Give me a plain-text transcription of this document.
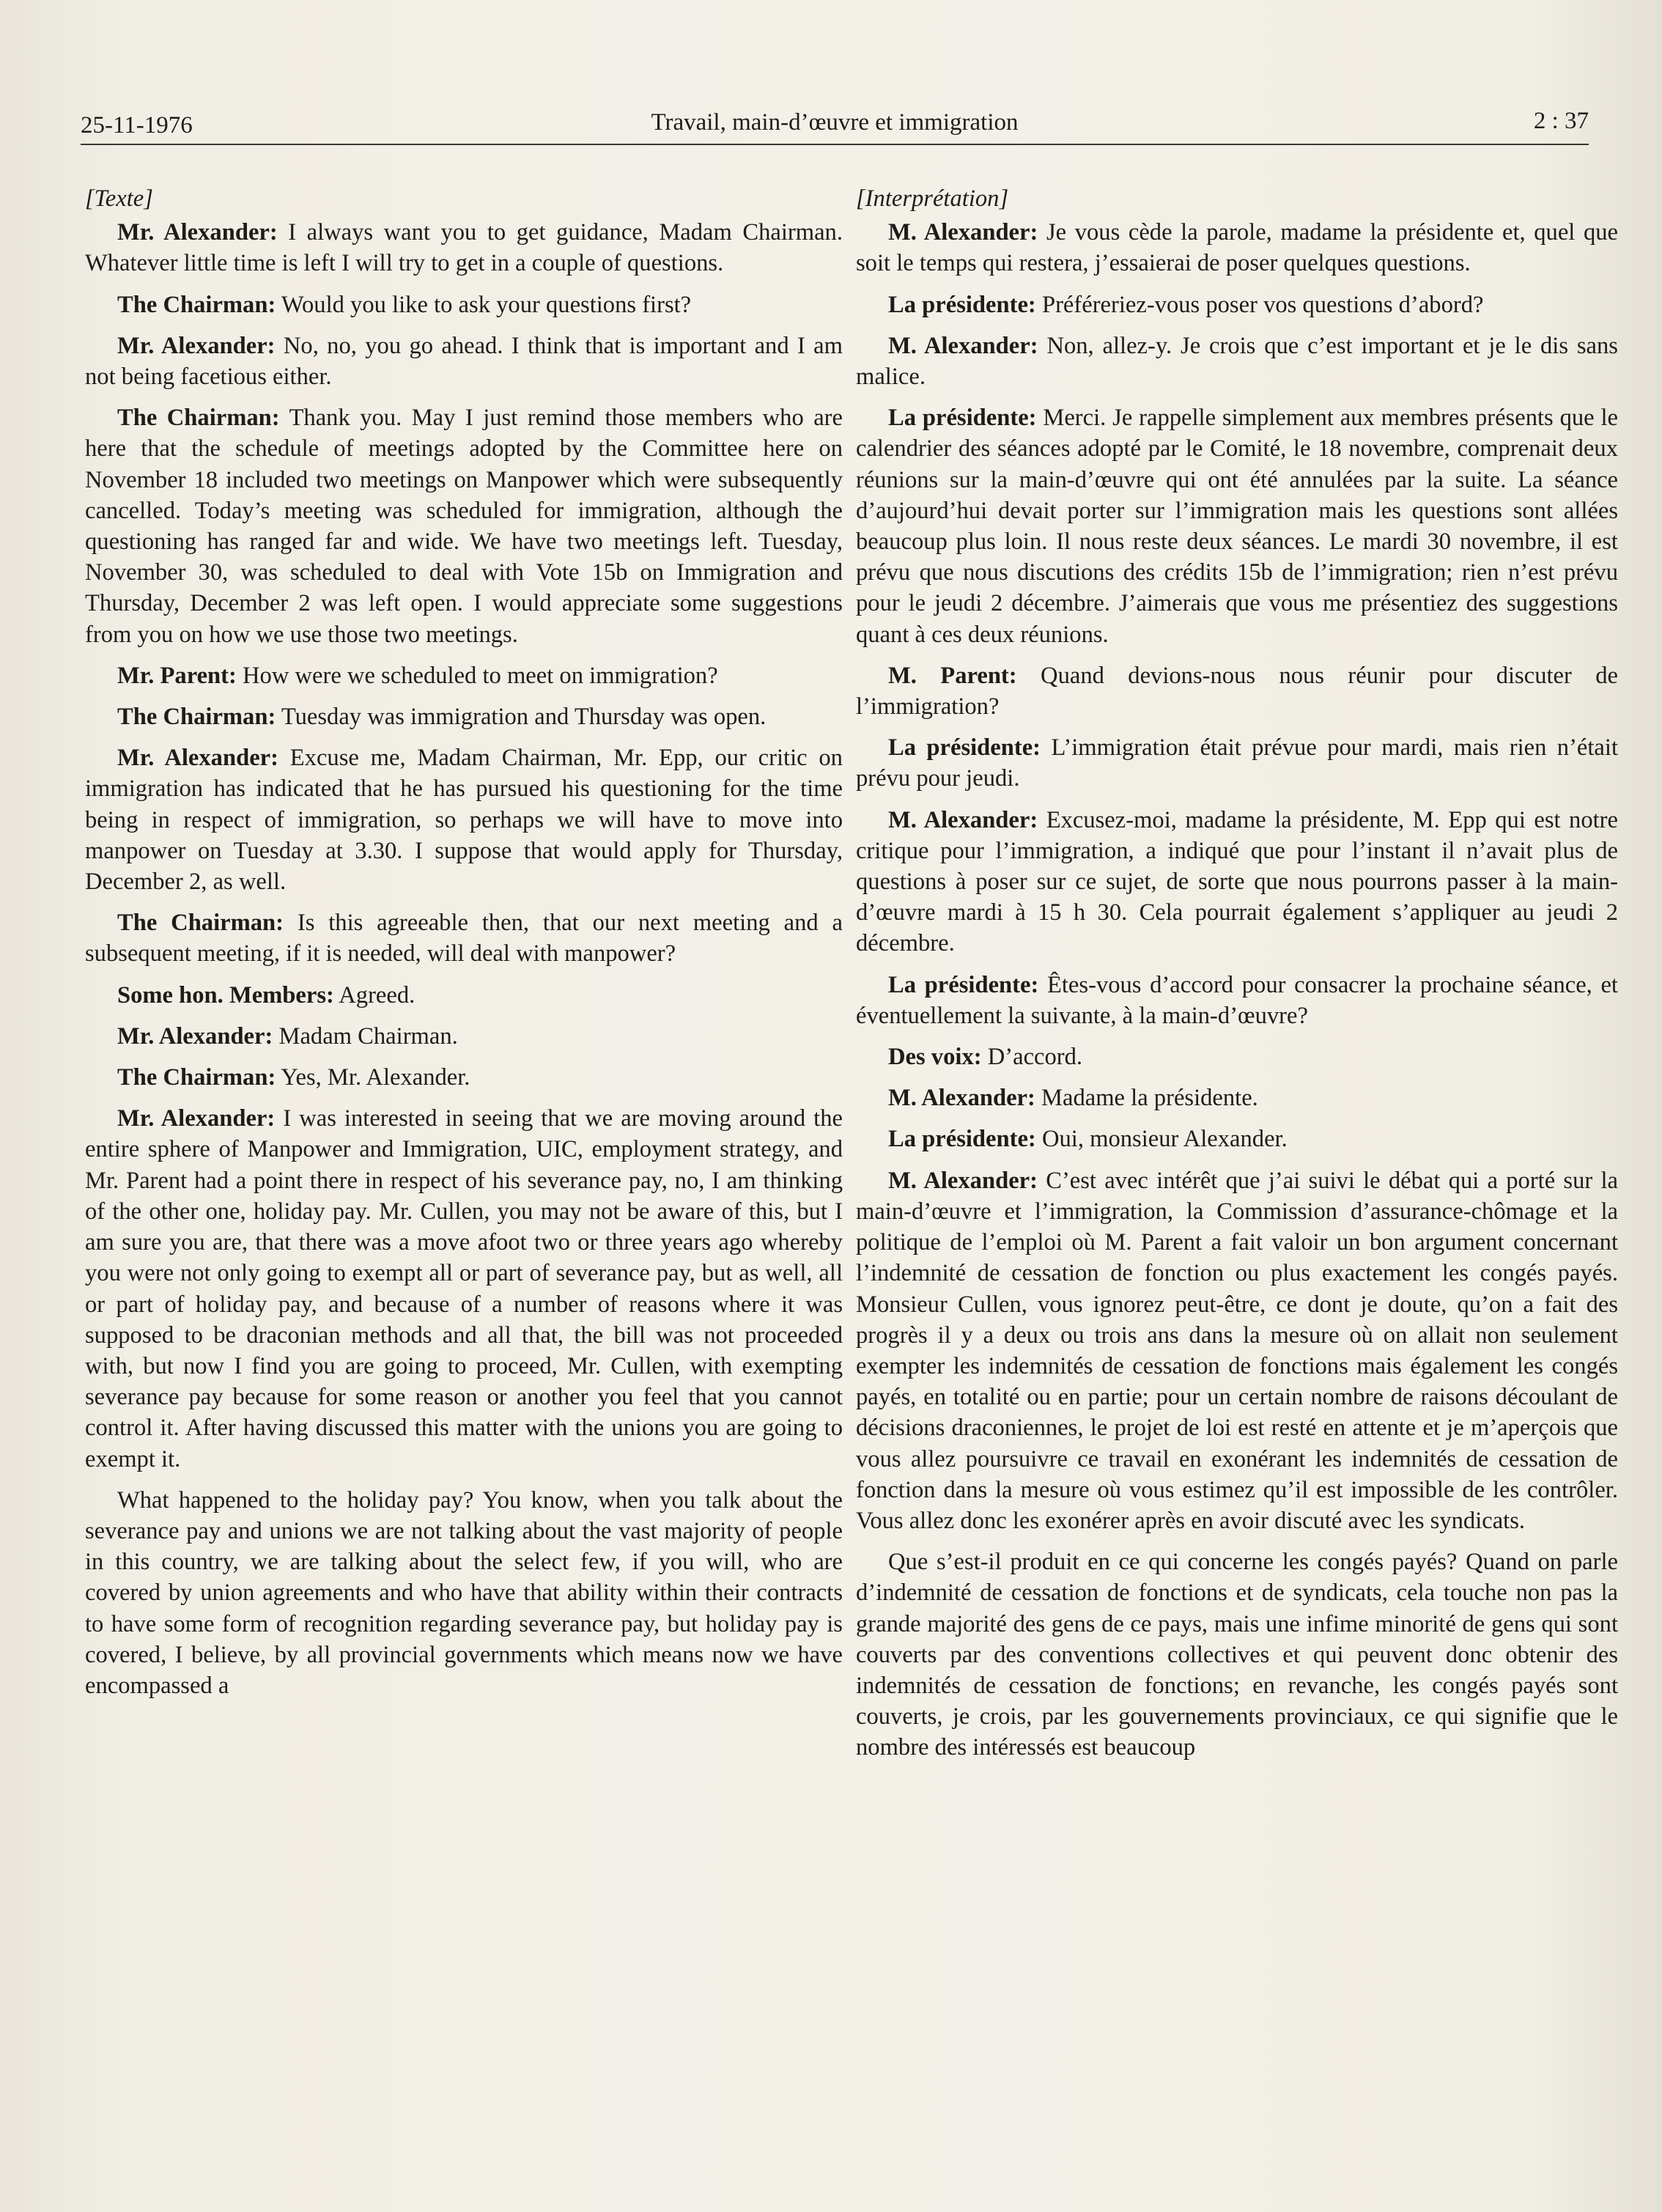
25-11-1976	Travail, main-d’œuvre et immigration	2 : 37

[Texte]

Mr. Alexander: I always want you to get guidance, Madam Chairman. Whatever little time is left I will try to get in a couple of questions.

The Chairman: Would you like to ask your questions first?

Mr. Alexander: No, no, you go ahead. I think that is important and I am not being facetious either.

The Chairman: Thank you. May I just remind those members who are here that the schedule of meetings adopted by the Committee here on November 18 included two meetings on Manpower which were subsequently cancelled. Today’s meeting was scheduled for immigration, although the questioning has ranged far and wide. We have two meetings left. Tuesday, November 30, was scheduled to deal with Vote 15b on Immigration and Thursday, December 2 was left open. I would appreciate some suggestions from you on how we use those two meetings.

Mr. Parent: How were we scheduled to meet on immigration?

The Chairman: Tuesday was immigration and Thursday was open.

Mr. Alexander: Excuse me, Madam Chairman, Mr. Epp, our critic on immigration has indicated that he has pursued his questioning for the time being in respect of immigration, so perhaps we will have to move into manpower on Tuesday at 3.30. I suppose that would apply for Thursday, December 2, as well.

The Chairman: Is this agreeable then, that our next meeting and a subsequent meeting, if it is needed, will deal with manpower?

Some hon. Members: Agreed.

Mr. Alexander: Madam Chairman.

The Chairman: Yes, Mr. Alexander.

Mr. Alexander: I was interested in seeing that we are moving around the entire sphere of Manpower and Immigration, UIC, employment strategy, and Mr. Parent had a point there in respect of his severance pay, no, I am thinking of the other one, holiday pay. Mr. Cullen, you may not be aware of this, but I am sure you are, that there was a move afoot two or three years ago whereby you were not only going to exempt all or part of severance pay, but as well, all or part of holiday pay, and because of a number of reasons where it was supposed to be draconian methods and all that, the bill was not proceeded with, but now I find you are going to proceed, Mr. Cullen, with exempting severance pay because for some reason or another you feel that you cannot control it. After having discussed this matter with the unions you are going to exempt it.

What happened to the holiday pay? You know, when you talk about the severance pay and unions we are not talking about the vast majority of people in this country, we are talking about the select few, if you will, who are covered by union agreements and who have that ability within their contracts to have some form of recognition regarding severance pay, but holiday pay is covered, I believe, by all provincial governments which means now we have encompassed a

[Interprétation]

M. Alexander: Je vous cède la parole, madame la présidente et, quel que soit le temps qui restera, j’essaierai de poser quelques questions.

La présidente: Préféreriez-vous poser vos questions d’abord?

M. Alexander: Non, allez-y. Je crois que c’est important et je le dis sans malice.

La présidente: Merci. Je rappelle simplement aux membres présents que le calendrier des séances adopté par le Comité, le 18 novembre, comprenait deux réunions sur la main-d’œuvre qui ont été annulées par la suite. La séance d’aujourd’hui devait porter sur l’immigration mais les questions sont allées beaucoup plus loin. Il nous reste deux séances. Le mardi 30 novembre, il est prévu que nous discutions des crédits 15b de l’immigration; rien n’est prévu pour le jeudi 2 décembre. J’aimerais que vous me présentiez des suggestions quant à ces deux réunions.

M. Parent: Quand devions-nous nous réunir pour discuter de l’immigration?

La présidente: L’immigration était prévue pour mardi, mais rien n’était prévu pour jeudi.

M. Alexander: Excusez-moi, madame la présidente, M. Epp qui est notre critique pour l’immigration, a indiqué que pour l’instant il n’avait plus de questions à poser sur ce sujet, de sorte que nous pourrons passer à la main-d’œuvre mardi à 15 h 30. Cela pourrait également s’appliquer au jeudi 2 décembre.

La présidente: Êtes-vous d’accord pour consacrer la prochaine séance, et éventuellement la suivante, à la main-d’œuvre?

Des voix: D’accord.

M. Alexander: Madame la présidente.

La présidente: Oui, monsieur Alexander.

M. Alexander: C’est avec intérêt que j’ai suivi le débat qui a porté sur la main-d’œuvre et l’immigration, la Commission d’assurance-chômage et la politique de l’emploi où M. Parent a fait valoir un bon argument concernant l’indemnité de cessation de fonction ou plus exactement les congés payés. Monsieur Cullen, vous ignorez peut-être, ce dont je doute, qu’on a fait des progrès il y a deux ou trois ans dans la mesure où on allait non seulement exempter les indemnités de cessation de fonctions mais également les congés payés, en totalité ou en partie; pour un certain nombre de raisons découlant de décisions draconiennes, le projet de loi est resté en attente et je m’aperçois que vous allez poursuivre ce travail en exonérant les indemnités de cessation de fonction dans la mesure où vous estimez qu’il est impossible de les contrôler. Vous allez donc les exonérer après en avoir discuté avec les syndicats.

Que s’est-il produit en ce qui concerne les congés payés? Quand on parle d’indemnité de cessation de fonctions et de syndicats, cela touche non pas la grande majorité des gens de ce pays, mais une infime minorité de gens qui sont couverts par des conventions collectives et qui peuvent donc obtenir des indemnités de cessation de fonctions; en revanche, les congés payés sont couverts, je crois, par les gouvernements provinciaux, ce qui signifie que le nombre des intéressés est beaucoup
